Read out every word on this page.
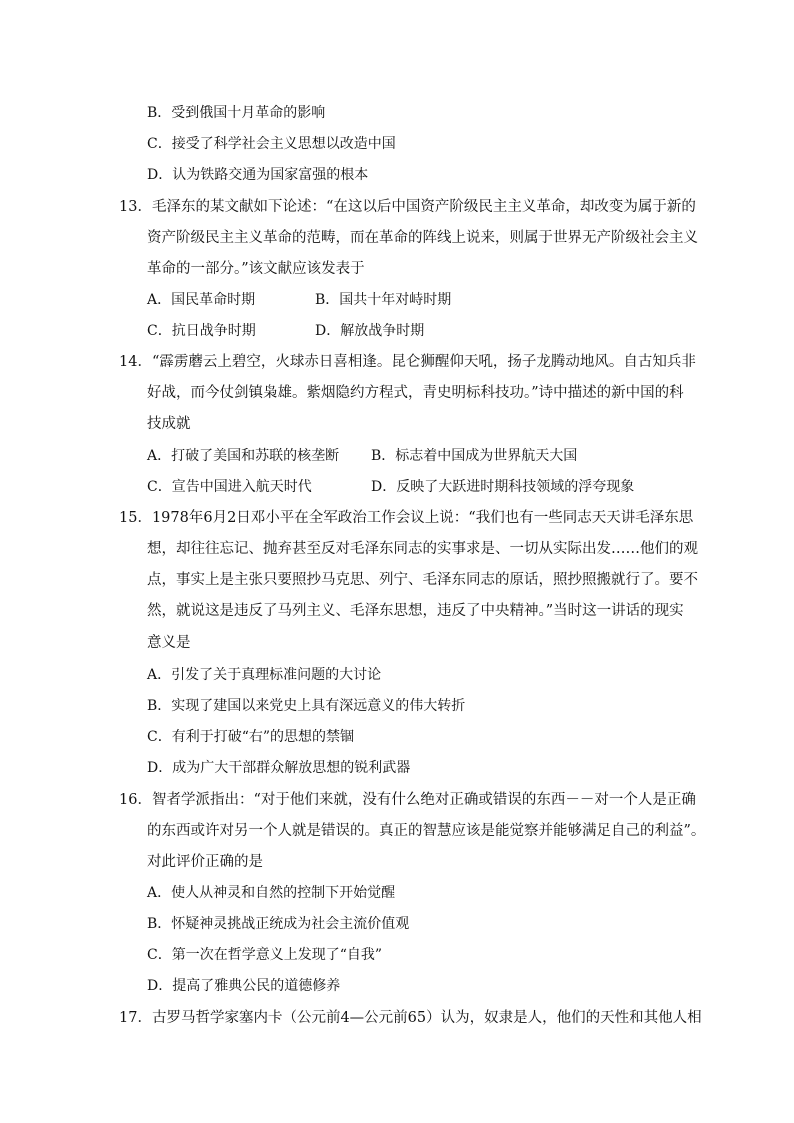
B．受到俄国十月革命的影响
C．接受了科学社会主义思想以改造中国
D．认为铁路交通为国家富强的根本
13．毛泽东的某文献如下论述：“在这以后中国资产阶级民主主义革命，却改变为属于新的
资产阶级民主主义革命的范畴，而在革命的阵线上说来，则属于世界无产阶级社会主义
革命的一部分。”该文献应该发表于
A．国民革命时期	B．国共十年对峙时期
C．抗日战争时期	D．解放战争时期
14．“霹雳蘑云上碧空，火球赤日喜相逢。昆仑狮醒仰天吼，扬子龙腾动地风。自古知兵非
好战，而今仗剑镇枭雄。紫烟隐约方程式，青史明标科技功。”诗中描述的新中国的科
技成就
A．打破了美国和苏联的核垄断 B．标志着中国成为世界航天大国
C．宣告中国进入航天时代	D．反映了大跃进时期科技领域的浮夸现象
15．1978年6月2日邓小平在全军政治工作会议上说：“我们也有一些同志天天讲毛泽东思
想，却往往忘记、抛弃甚至反对毛泽东同志的实事求是、一切从实际出发……他们的观
点，事实上是主张只要照抄马克思、列宁、毛泽东同志的原话，照抄照搬就行了。要不
然，就说这是违反了马列主义、毛泽东思想，违反了中央精神。”当时这一讲话的现实
意义是
A．引发了关于真理标准问题的大讨论
B．实现了建国以来党史上具有深远意义的伟大转折
C．有利于打破“右”的思想的禁锢
D．成为广大干部群众解放思想的锐利武器
16．智者学派指出：“对于他们来就，没有什么绝对正确或错误的东西－－对一个人是正确
的东西或许对另一个人就是错误的。真正的智慧应该是能觉察并能够满足自己的利益”。
对此评价正确的是
A．使人从神灵和自然的控制下开始觉醒
B．怀疑神灵挑战正统成为社会主流价值观
C．第一次在哲学意义上发现了“自我”
D．提高了雅典公民的道德修养
17．古罗马哲学家塞内卡（公元前4—公元前65）认为，奴隶是人，他们的天性和其他人相
